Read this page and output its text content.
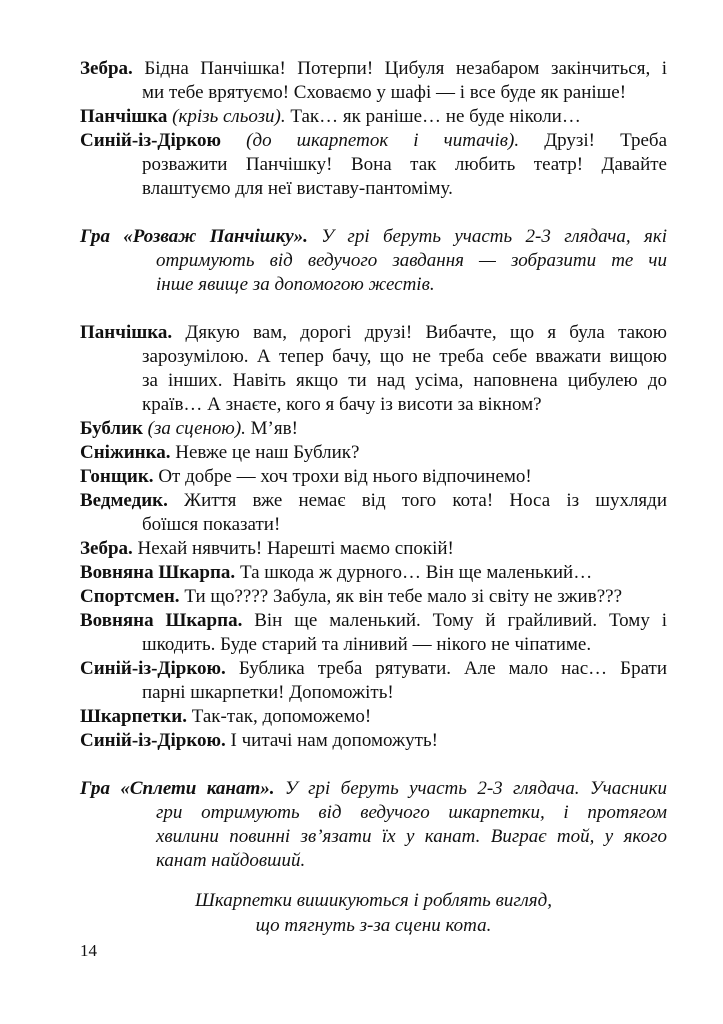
Зебра. Бідна Панчішка! Потерпи! Цибуля незабаром закінчиться, і
ми тебе врятуємо! Сховаємо у шафі — і все буде як раніше!
Панчішка (крізь сльози). Так… як раніше… не буде ніколи…
Синій-із-Діркою (до шкарпеток і читачів). Друзі! Треба
розважити Панчішку! Вона так любить театр! Давайте
влаштуємо для неї виставу-пантоміму.
Гра «Розваж Панчішку». У грі беруть участь 2-3 глядача, які
отримують від ведучого завдання — зобразити те чи
інше явище за допомогою жестів.
Панчішка. Дякую вам, дорогі друзі! Вибачте, що я була такою
зарозумілою. А тепер бачу, що не треба себе вважати вищою
за інших. Навіть якщо ти над усіма, наповнена цибулею до
країв… А знаєте, кого я бачу із висоти за вікном?
Бублик (за сценою). М’яв!
Сніжинка. Невже це наш Бублик?
Гонщик. От добре — хоч трохи від нього відпочинемо!
Ведмедик. Життя вже немає від того кота! Носа із шухляди
боїшся показати!
Зебра. Нехай нявчить! Нарешті маємо спокій!
Вовняна Шкарпа. Та шкода ж дурного… Він ще маленький…
Спортсмен. Ти що???? Забула, як він тебе мало зі світу не зжив???
Вовняна Шкарпа. Він ще маленький. Тому й грайливий. Тому і
шкодить. Буде старий та лінивий — нікого не чіпатиме.
Синій-із-Діркою. Бублика треба рятувати. Але мало нас… Брати
парні шкарпетки! Допоможіть!
Шкарпетки. Так-так, допоможемо!
Синій-із-Діркою. І читачі нам допоможуть!
Гра «Сплети канат». У грі беруть участь 2-3 глядача. Учасники
гри отримують від ведучого шкарпетки, і протягом
хвилини повинні зв’язати їх у канат. Виграє той, у якого
канат найдовший.
Шкарпетки вишикуються і роблять вигляд,
що тягнуть з-за сцени кота.
14
